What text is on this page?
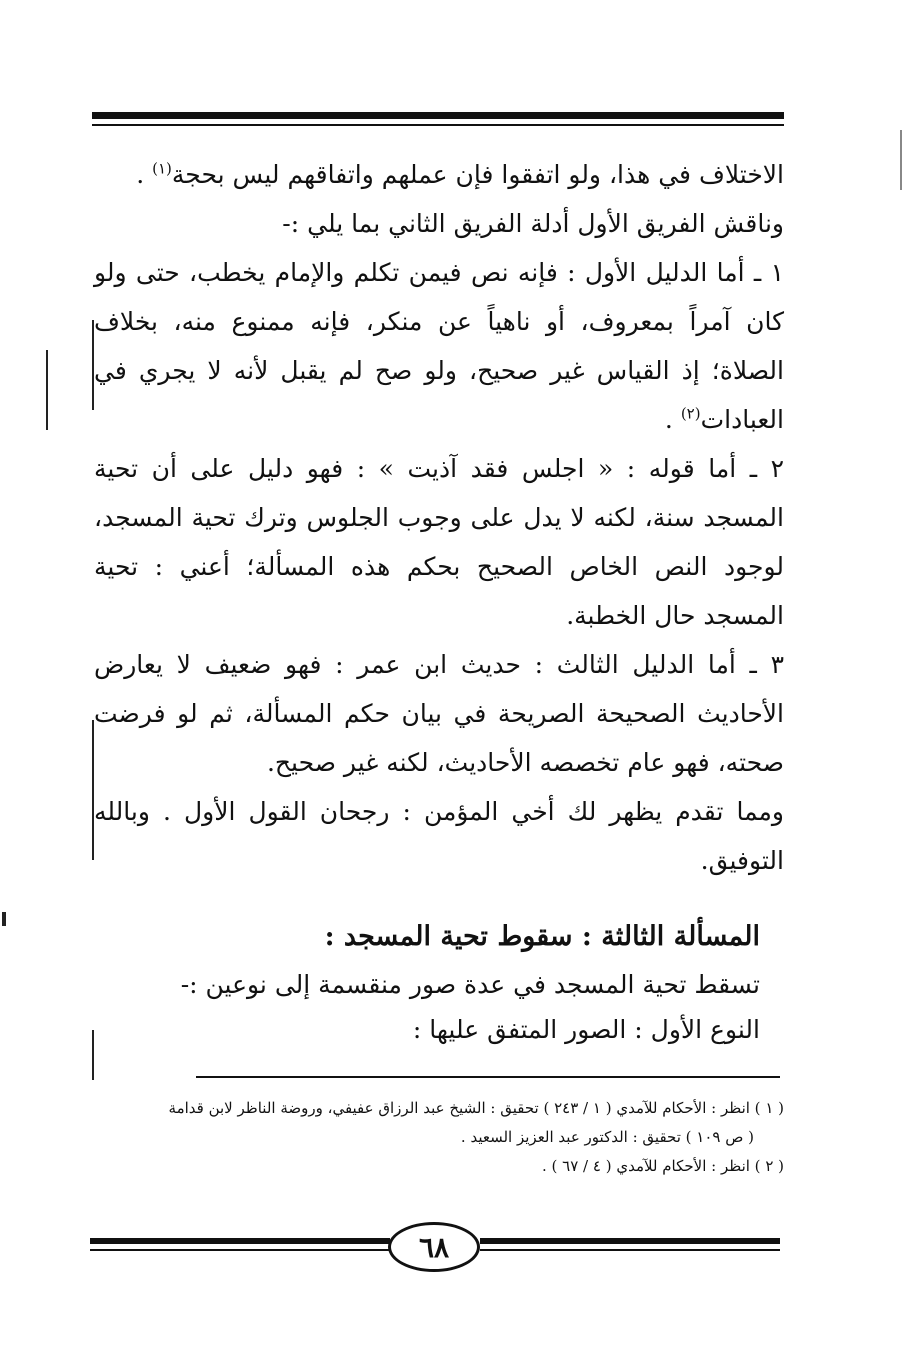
الاختلاف في هذا، ولو اتفقوا فإن عملهم واتفاقهم ليس بحجة$^{(١)}$ .

وناقش الفريق الأول أدلة الفريق الثاني بما يلي :-

١ ـ أما الدليل الأول : فإنه نص فيمن تكلم والإمام يخطب، حتى ولو كان آمراً بمعروف، أو ناهياً عن منكر، فإنه ممنوع منه، بخلاف الصلاة؛ إذ القياس غير صحيح، ولو صح لم يقبل لأنه لا يجري في العبادات$^{(٢)}$ .

٢ ـ أما قوله : « اجلس فقد آذيت » : فهو دليل على أن تحية المسجد سنة، لكنه لا يدل على وجوب الجلوس وترك تحية المسجد، لوجود النص الخاص الصحيح بحكم هذه المسألة؛ أعني : تحية المسجد حال الخطبة.

٣ ـ أما الدليل الثالث : حديث ابن عمر : فهو ضعيف لا يعارض الأحاديث الصحيحة الصريحة في بيان حكم المسألة، ثم لو فرضت صحته، فهو عام تخصصه الأحاديث، لكنه غير صحيح.

ومما تقدم يظهر لك أخي المؤمن : رجحان القول الأول . وبالله التوفيق.

المسألة الثالثة : سقوط تحية المسجد :

تسقط تحية المسجد في عدة صور منقسمة إلى نوعين :-

النوع الأول : الصور المتفق عليها :

( ١ ) انظر : الأحكام للآمدي ( ١ / ٢٤٣ ) تحقيق : الشيخ عبد الرزاق عفيفي، وروضة الناظر لابن قدامة

( ص ١٠٩ ) تحقيق : الدكتور عبد العزيز السعيد .

( ٢ ) انظر : الأحكام للآمدي ( ٤ / ٦٧ ) .

٦٨
